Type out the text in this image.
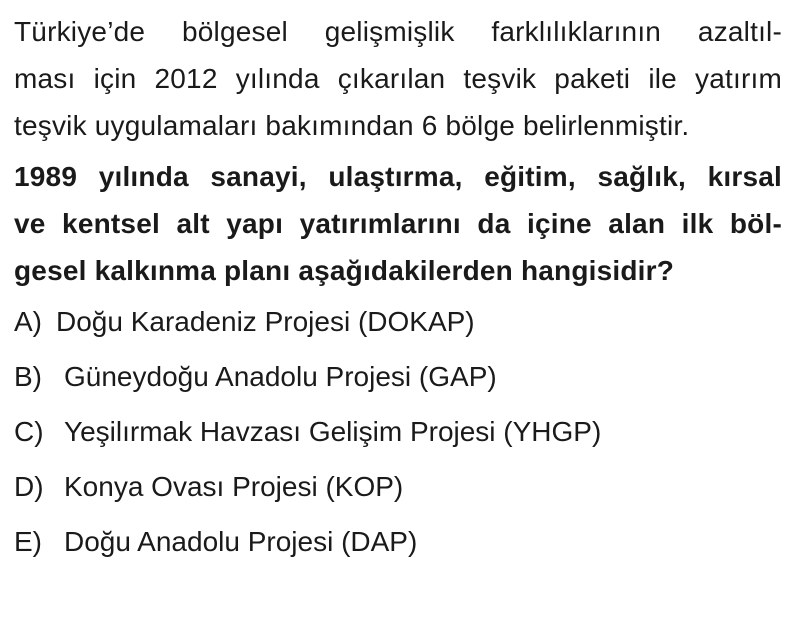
Türkiye’de bölgesel gelişmişlik farklılıklarının azaltıl-
ması için 2012 yılında çıkarılan teşvik paketi ile yatırım
teşvik uygulamaları bakımından 6 bölge belirlenmiştir.
1989 yılında sanayi, ulaştırma, eğitim, sağlık, kırsal
ve kentsel alt yapı yatırımlarını da içine alan ilk böl-
gesel kalkınma planı aşağıdakilerden hangisidir?
A) Doğu Karadeniz Projesi (DOKAP)
B) Güneydoğu Anadolu Projesi (GAP)
C) Yeşilırmak Havzası Gelişim Projesi (YHGP)
D) Konya Ovası Projesi (KOP)
E) Doğu Anadolu Projesi (DAP)
